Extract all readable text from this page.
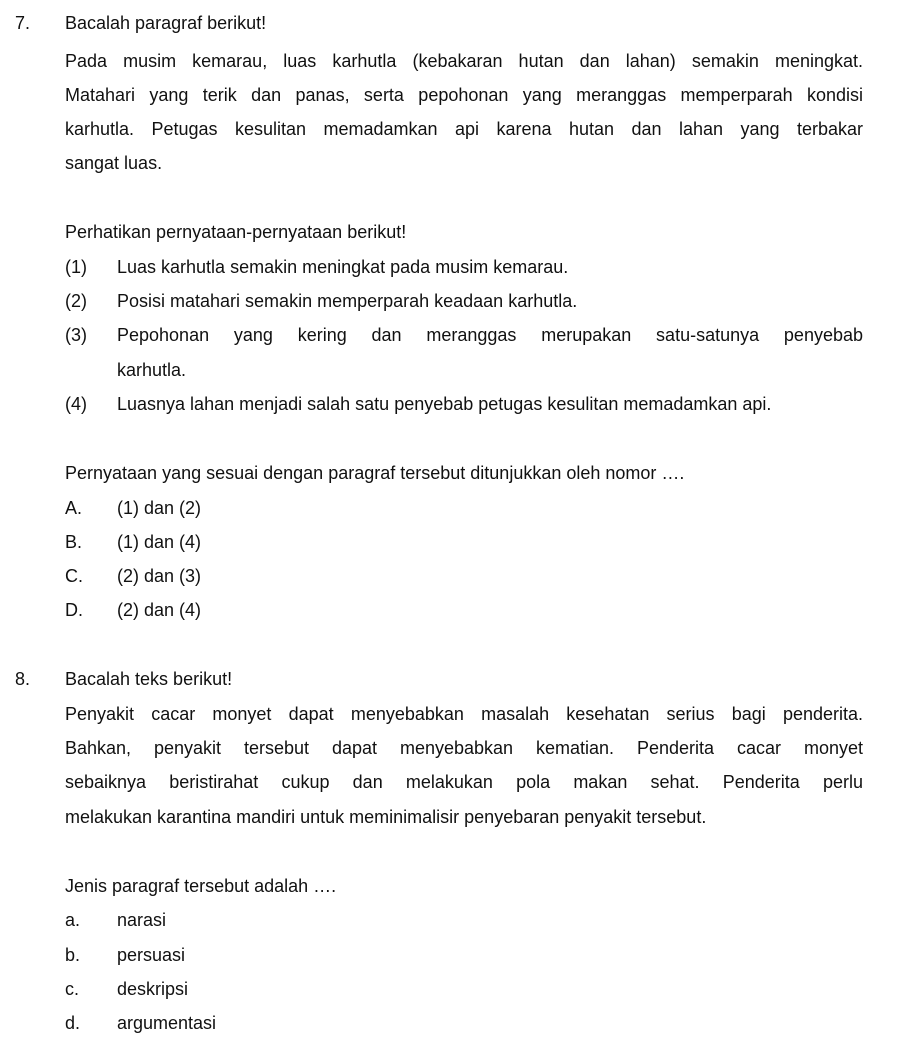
7. Bacalah paragraf berikut!
Pada musim kemarau, luas karhutla (kebakaran hutan dan lahan) semakin meningkat.
Matahari yang terik dan panas, serta pepohonan yang meranggas memperparah kondisi
karhutla. Petugas kesulitan memadamkan api karena hutan dan lahan yang terbakar
sangat luas.
Perhatikan pernyataan-pernyataan berikut!
(1) Luas karhutla semakin meningkat pada musim kemarau.
(2) Posisi matahari semakin memperparah keadaan karhutla.
(3) Pepohonan yang kering dan meranggas merupakan satu-satunya penyebab
karhutla.
(4) Luasnya lahan menjadi salah satu penyebab petugas kesulitan memadamkan api.
Pernyataan yang sesuai dengan paragraf tersebut ditunjukkan oleh nomor ….
A. (1) dan (2)
B. (1) dan (4)
C. (2) dan (3)
D. (2) dan (4)
8. Bacalah teks berikut!
Penyakit cacar monyet dapat menyebabkan masalah kesehatan serius bagi penderita.
Bahkan, penyakit tersebut dapat menyebabkan kematian. Penderita cacar monyet
sebaiknya beristirahat cukup dan melakukan pola makan sehat. Penderita perlu
melakukan karantina mandiri untuk meminimalisir penyebaran penyakit tersebut.
Jenis paragraf tersebut adalah ….
a. narasi
b. persuasi
c. deskripsi
d. argumentasi
